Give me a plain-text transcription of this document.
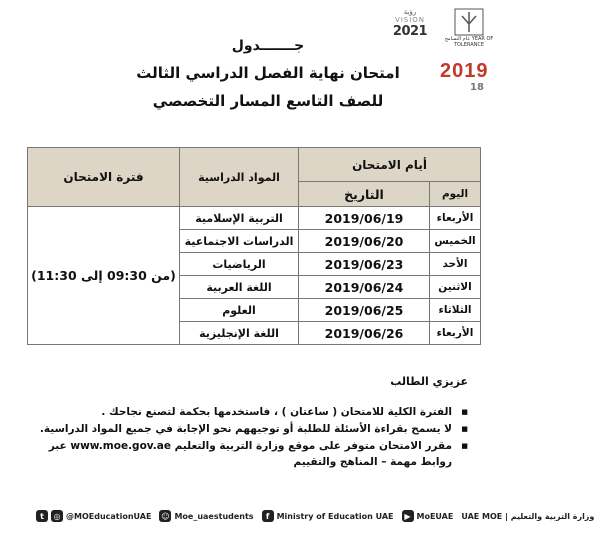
جـــــــدول
امتحان نهاية الفصل الدراسي الثالث
للصف التاسع المسار التخصصي
رؤية
VISION
2021	عام التسامح YEAR OF TOLERANCE
2019
18
أيام الامتحان		المواد الدراسية	فترة الامتحان
اليوم	التاريخ		
الأربعاء	2019/06/19	التربية الإسلامية	(من 09:30 إلى 11:30)
الخميس	2019/06/20	الدراسات الاجتماعية	
الأحد	2019/06/23	الرياضيات	
الاثنين	2019/06/24	اللغة العربية	
الثلاثاء	2019/06/25	العلوم	
الأربعاء	2019/06/26	اللغة الإنجليزية	

عزيزي الطالب

■ الفترة الكلية للامتحان ( ساعتان ) ، فاستخدمها بحكمة لتصنع نجاحك .
■ لا يسمح بقراءة الأسئلة للطلبة أو توجيههم نحو الإجابة في جميع المواد الدراسية.
■ مقرر الامتحان متوفر على موقع وزارة التربية والتعليم www.moe.gov.ae عبر روابط مهمة – المناهج والتقييم
t	◎ @MOEducationUAE ☺ Moe_uaestudents	f Ministry of Education UAE	▶ MoEUAE UAE MOE | وزارة التربية والتعليم
